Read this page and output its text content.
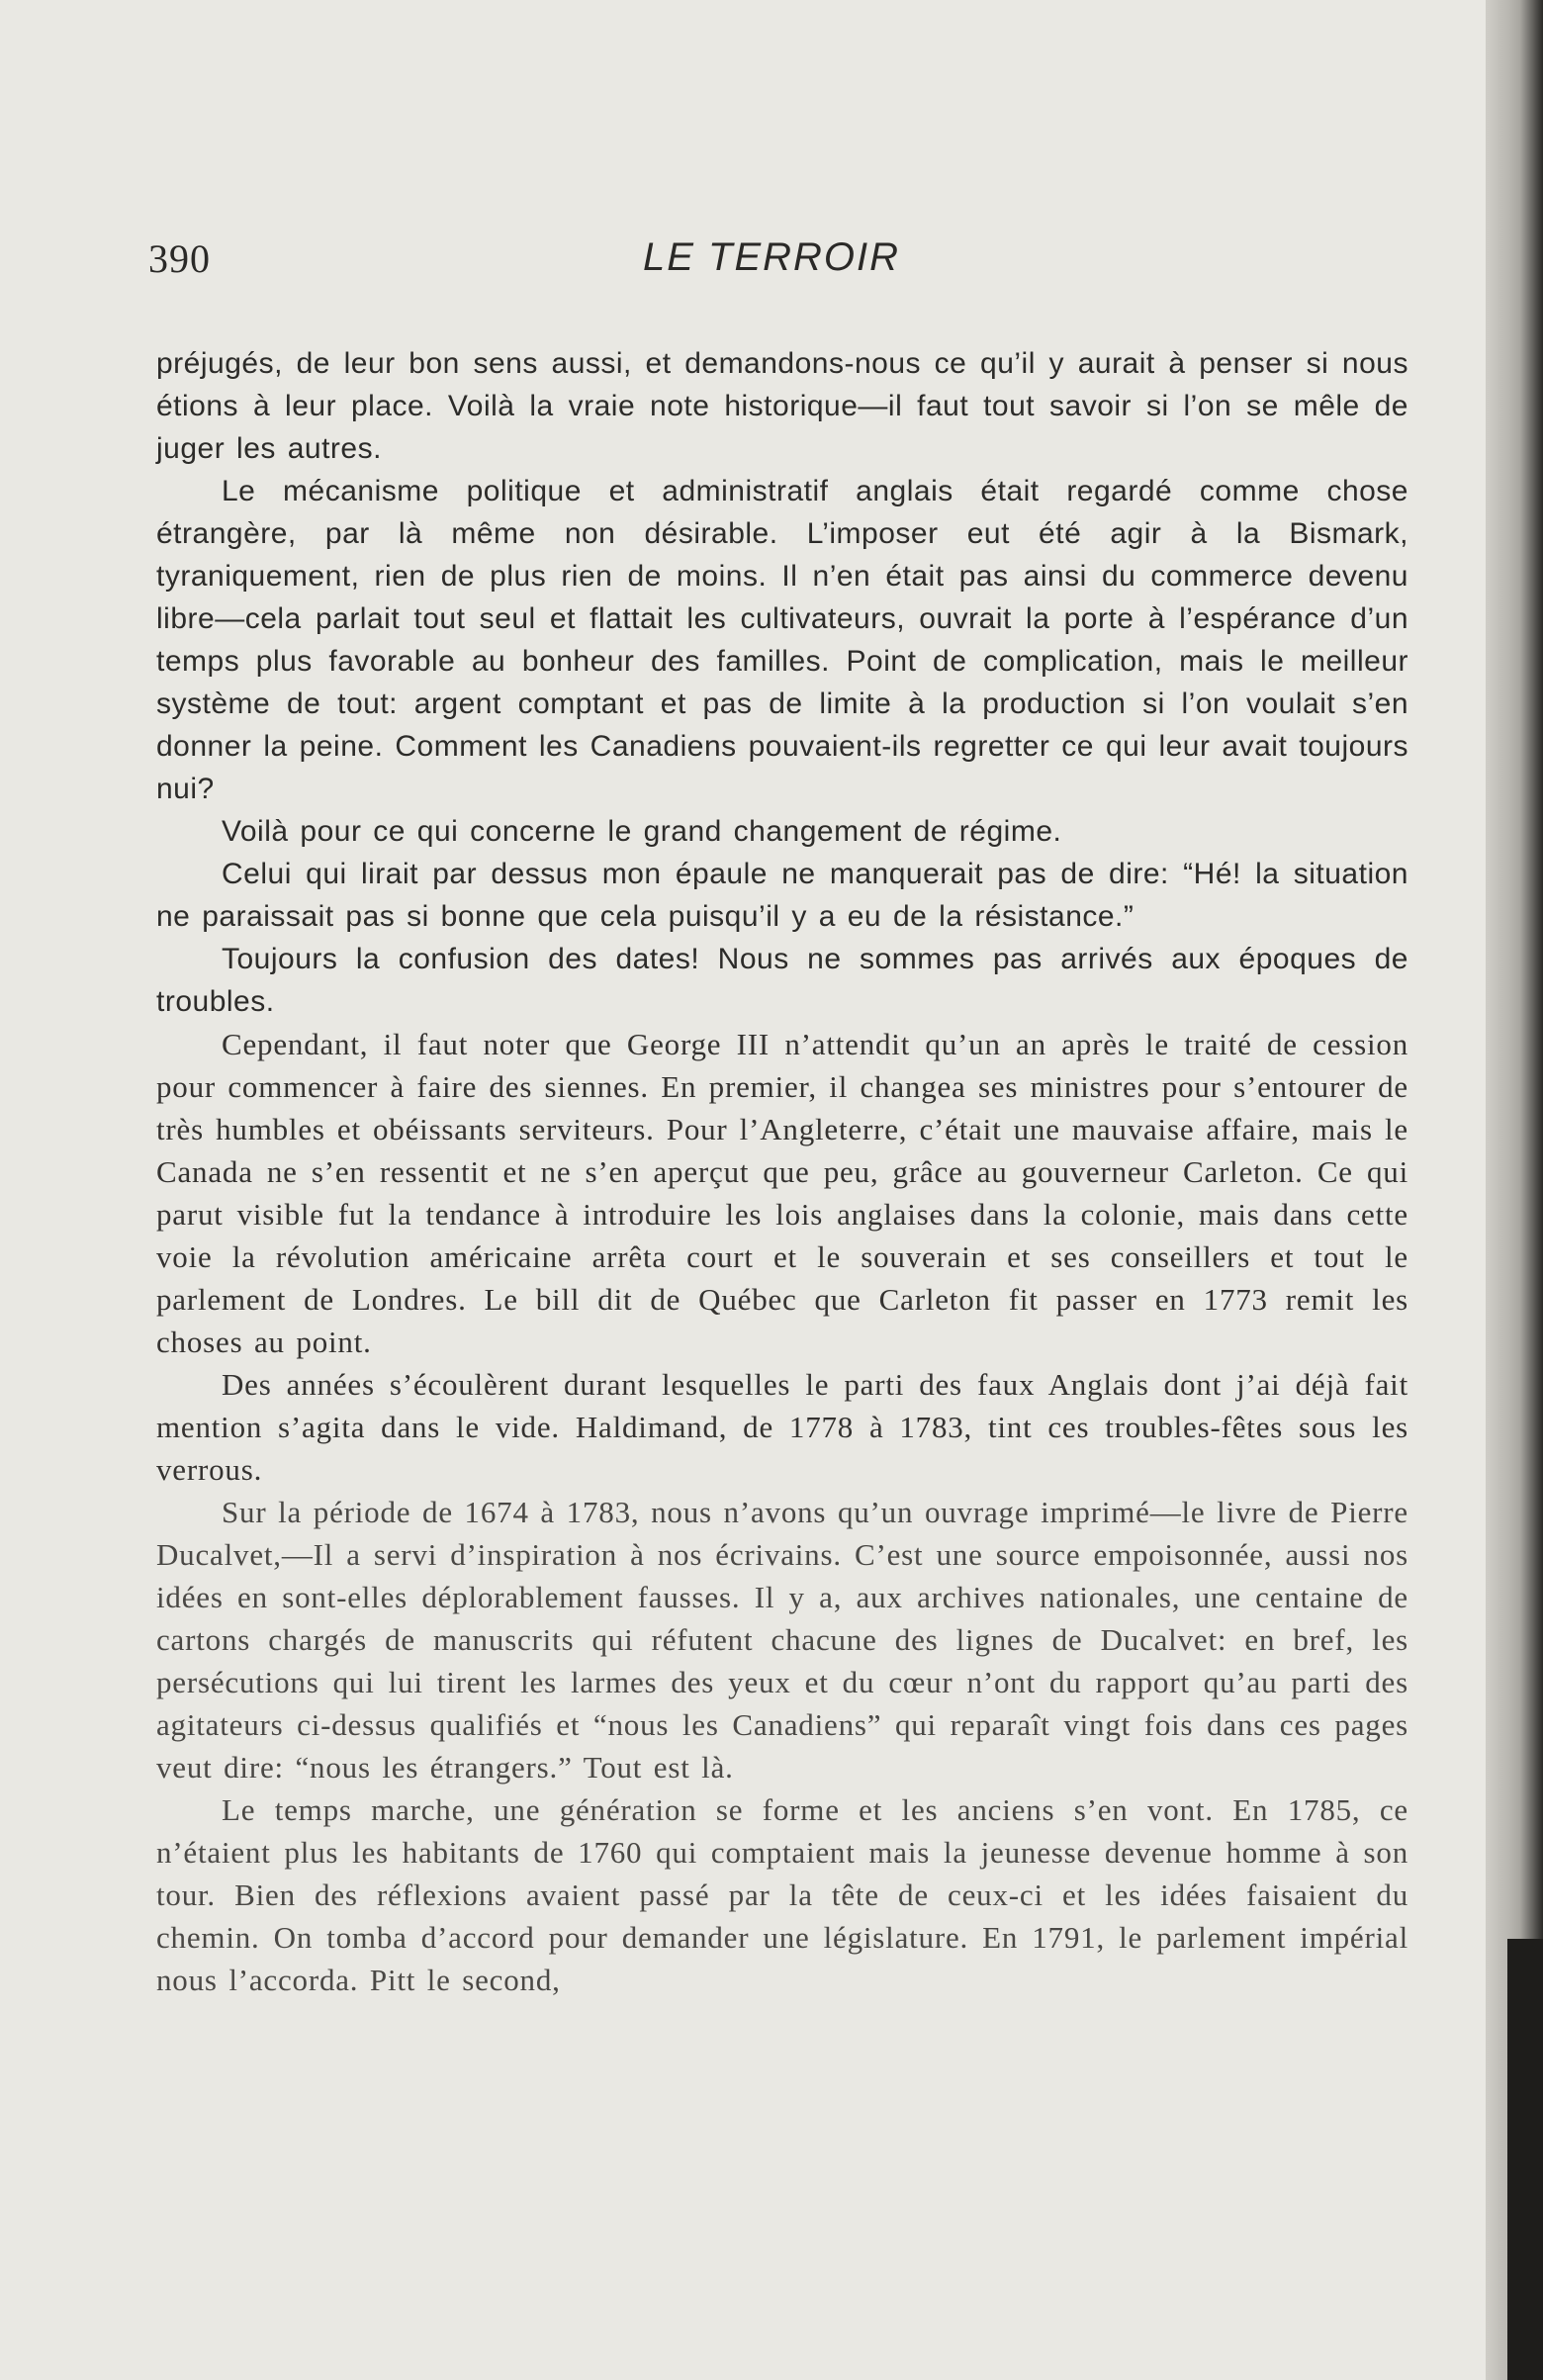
390	LE TERROIR

préjugés, de leur bon sens aussi, et demandons-nous ce qu’il y aurait à penser si nous étions à leur place. Voilà la vraie note historique—il faut tout savoir si l’on se mêle de juger les autres.

Le mécanisme politique et administratif anglais était regardé comme chose étrangère, par là même non désirable. L’imposer eut été agir à la Bismark, tyraniquement, rien de plus rien de moins. Il n’en était pas ainsi du commerce devenu libre—cela parlait tout seul et flattait les cultivateurs, ouvrait la porte à l’espérance d’un temps plus favorable au bonheur des familles. Point de complication, mais le meilleur système de tout: argent comptant et pas de limite à la production si l’on voulait s’en donner la peine. Comment les Canadiens pouvaient-ils regretter ce qui leur avait toujours nui?

Voilà pour ce qui concerne le grand changement de régime.

Celui qui lirait par dessus mon épaule ne manquerait pas de dire: “Hé! la situation ne paraissait pas si bonne que cela puisqu’il y a eu de la résistance.”

Toujours la confusion des dates! Nous ne sommes pas arrivés aux époques de troubles.

Cependant, il faut noter que George III n’attendit qu’un an après le traité de cession pour commencer à faire des siennes. En premier, il changea ses ministres pour s’entourer de très humbles et obéissants serviteurs. Pour l’Angleterre, c’était une mauvaise affaire, mais le Canada ne s’en ressentit et ne s’en aperçut que peu, grâce au gouverneur Carleton. Ce qui parut visible fut la tendance à introduire les lois anglaises dans la colonie, mais dans cette voie la révolution américaine arrêta court et le souverain et ses conseillers et tout le parlement de Londres. Le bill dit de Québec que Carleton fit passer en 1773 remit les choses au point.

Des années s’écoulèrent durant lesquelles le parti des faux Anglais dont j’ai déjà fait mention s’agita dans le vide. Haldimand, de 1778 à 1783, tint ces troubles-fêtes sous les verrous.

Sur la période de 1674 à 1783, nous n’avons qu’un ouvrage imprimé—le livre de Pierre Ducalvet,—Il a servi d’inspiration à nos écrivains. C’est une source empoisonnée, aussi nos idées en sont-elles déplorablement fausses. Il y a, aux archives nationales, une centaine de cartons chargés de manuscrits qui réfutent chacune des lignes de Ducalvet: en bref, les persécutions qui lui tirent les larmes des yeux et du cœur n’ont du rapport qu’au parti des agitateurs ci-dessus qualifiés et “nous les Canadiens” qui reparaît vingt fois dans ces pages veut dire: “nous les étrangers.” Tout est là.

Le temps marche, une génération se forme et les anciens s’en vont. En 1785, ce n’étaient plus les habitants de 1760 qui comptaient mais la jeunesse devenue homme à son tour. Bien des réflexions avaient passé par la tête de ceux-ci et les idées faisaient du chemin. On tomba d’accord pour demander une législature. En 1791, le parlement impérial nous l’accorda. Pitt le second,
